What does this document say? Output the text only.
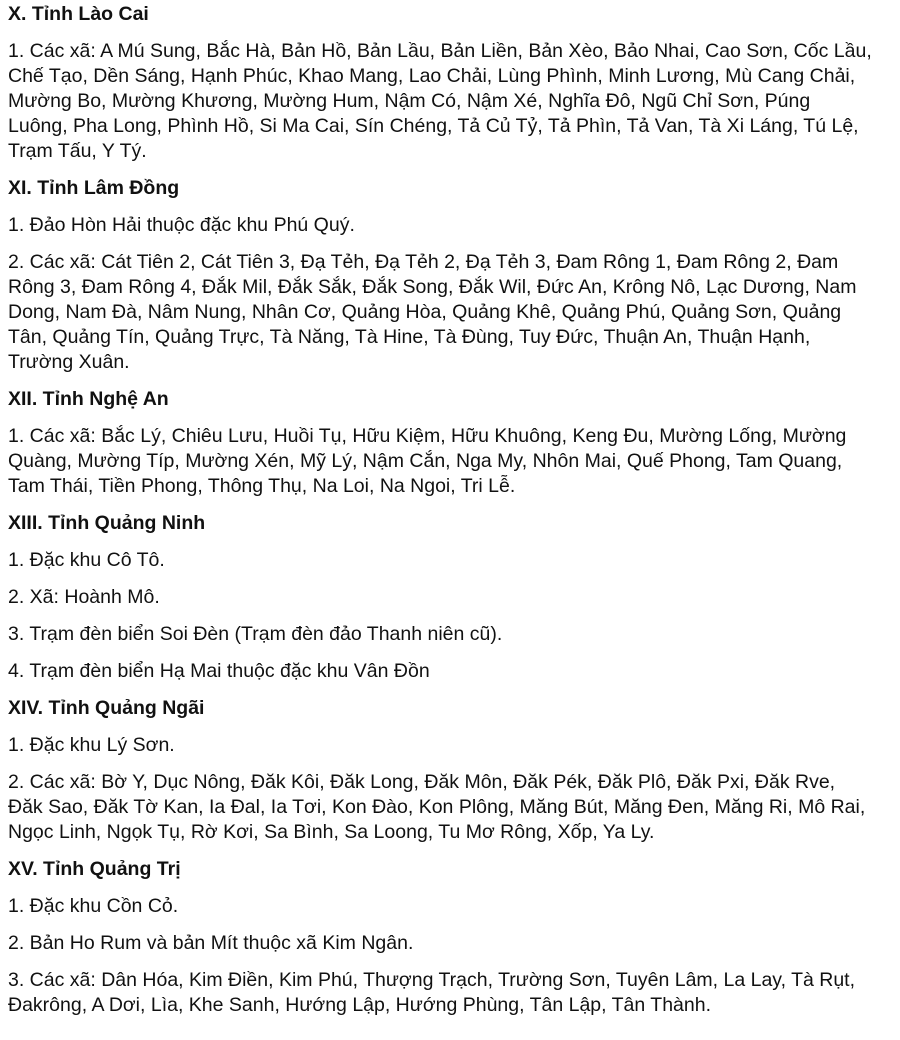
X. Tỉnh Lào Cai

1. Các xã: A Mú Sung, Bắc Hà, Bản Hồ, Bản Lầu, Bản Liền, Bản Xèo, Bảo Nhai, Cao Sơn, Cốc Lầu, Chế Tạo, Dền Sáng, Hạnh Phúc, Khao Mang, Lao Chải, Lùng Phình, Minh Lương, Mù Cang Chải, Mường Bo, Mường Khương, Mường Hum, Nậm Có, Nậm Xé, Nghĩa Đô, Ngũ Chỉ Sơn, Púng Luông, Pha Long, Phình Hồ, Si Ma Cai, Sín Chéng, Tả Củ Tỷ, Tả Phìn, Tả Van, Tà Xi Láng, Tú Lệ, Trạm Tấu, Y Tý.

XI. Tỉnh Lâm Đồng

1. Đảo Hòn Hải thuộc đặc khu Phú Quý.

2. Các xã: Cát Tiên 2, Cát Tiên 3, Đạ Tẻh, Đạ Tẻh 2, Đạ Tẻh 3, Đam Rông 1, Đam Rông 2, Đam Rông 3, Đam Rông 4, Đắk Mil, Đắk Sắk, Đắk Song, Đắk Wil, Đức An, Krông Nô, Lạc Dương, Nam Dong, Nam Đà, Nâm Nung, Nhân Cơ, Quảng Hòa, Quảng Khê, Quảng Phú, Quảng Sơn, Quảng Tân, Quảng Tín, Quảng Trực, Tà Năng, Tà Hine, Tà Đùng, Tuy Đức, Thuận An, Thuận Hạnh, Trường Xuân.

XII. Tỉnh Nghệ An

1. Các xã: Bắc Lý, Chiêu Lưu, Huồi Tụ, Hữu Kiệm, Hữu Khuông, Keng Đu, Mường Lống, Mường Quàng, Mường Típ, Mường Xén, Mỹ Lý, Nậm Cắn, Nga My, Nhôn Mai, Quế Phong, Tam Quang, Tam Thái, Tiền Phong, Thông Thụ, Na Loi, Na Ngoi, Tri Lễ.

XIII. Tỉnh Quảng Ninh

1. Đặc khu Cô Tô.

2. Xã: Hoành Mô.

3. Trạm đèn biển Soi Đèn (Trạm đèn đảo Thanh niên cũ).

4. Trạm đèn biển Hạ Mai thuộc đặc khu Vân Đồn

XIV. Tỉnh Quảng Ngãi

1. Đặc khu Lý Sơn.

2. Các xã: Bờ Y, Dục Nông, Đăk Kôi, Đăk Long, Đăk Môn, Đăk Pék, Đăk Plô, Đăk Pxi, Đăk Rve, Đăk Sao, Đăk Tờ Kan, Ia Đal, Ia Tơi, Kon Đào, Kon Plông, Măng Bút, Măng Đen, Măng Ri, Mô Rai, Ngọc Linh, Ngọk Tụ, Rờ Kơi, Sa Bình, Sa Loong, Tu Mơ Rông, Xốp, Ya Ly.

XV. Tỉnh Quảng Trị

1. Đặc khu Cồn Cỏ.

2. Bản Ho Rum và bản Mít thuộc xã Kim Ngân.

3. Các xã: Dân Hóa, Kim Điền, Kim Phú, Thượng Trạch, Trường Sơn, Tuyên Lâm, La Lay, Tà Rụt, Đakrông, A Dơi, Lìa, Khe Sanh, Hướng Lập, Hướng Phùng, Tân Lập, Tân Thành.
